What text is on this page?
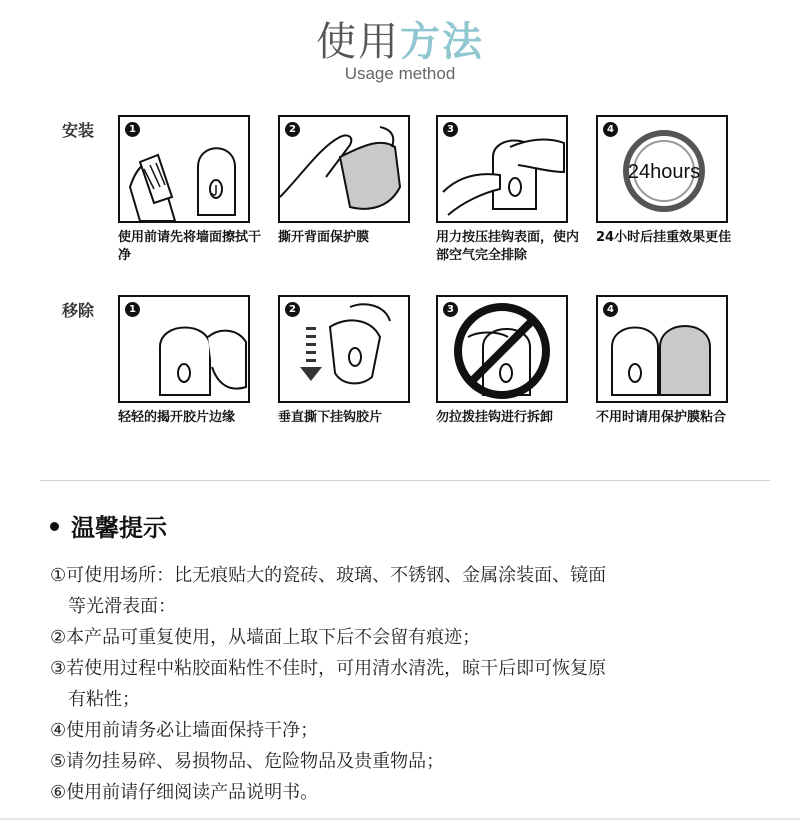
使用方法
Usage method
安装	1
使用前请先将墙面擦拭干净
2
撕开背面保护膜
3
用力按压挂钩表面，使内部空气完全排除
4
24hours
24小时后挂重效果更佳
移除	1
轻轻的揭开胶片边缘
2
垂直撕下挂钩胶片
3
勿拉拨挂钩进行拆卸
4
不用时请用保护膜粘合
温馨提示
①可使用场所：比无痕贴大的瓷砖、玻璃、不锈钢、金属涂装面、镜面
等光滑表面：
②本产品可重复使用，从墙面上取下后不会留有痕迹；
③若使用过程中粘胶面粘性不佳时，可用清水清洗，晾干后即可恢复原
有粘性；
④使用前请务必让墙面保持干净；
⑤请勿挂易碎、易损物品、危险物品及贵重物品；
⑥使用前请仔细阅读产品说明书。
